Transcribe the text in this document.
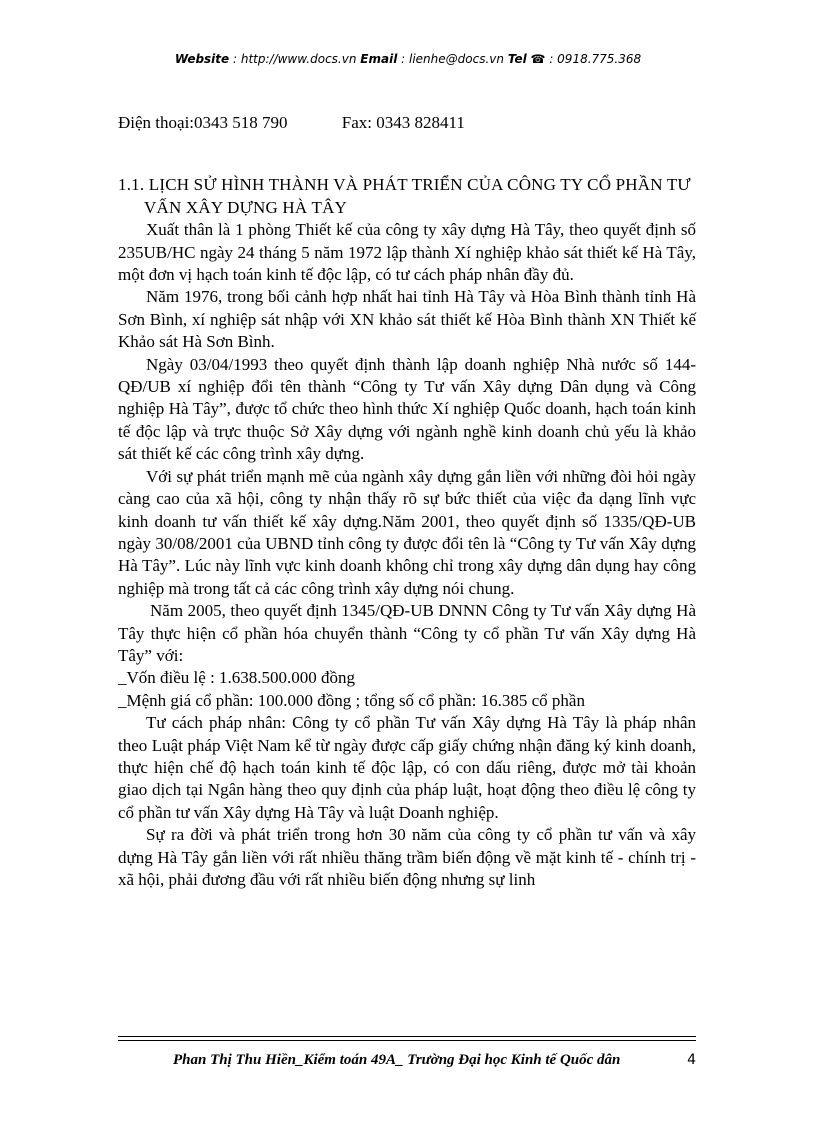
Website : http://www.docs.vn Email : lienhe@docs.vn Tel ☎ : 0918.775.368

Điện thoại:0343 518 790	Fax: 0343 828411

1.1. LỊCH SỬ HÌNH THÀNH VÀ PHÁT TRIỂN CỦA CÔNG TY CỔ PHẦN TƯ VẤN XÂY DỰNG HÀ TÂY

Xuất thân là 1 phòng Thiết kế của công ty xây dựng Hà Tây, theo quyết định số 235UB/HC ngày 24 tháng 5 năm 1972 lập thành Xí nghiệp khảo sát thiết kế Hà Tây, một đơn vị hạch toán kinh tế độc lập, có tư cách pháp nhân đầy đủ.

Năm 1976, trong bối cảnh hợp nhất hai tỉnh Hà Tây và Hòa Bình thành tỉnh Hà Sơn Bình, xí nghiệp sát nhập với XN khảo sát thiết kế Hòa Bình thành XN Thiết kế Khảo sát Hà Sơn Bình.

Ngày 03/04/1993 theo quyết định thành lập doanh nghiệp Nhà nước số 144- QĐ/UB xí nghiệp đổi tên thành “Công ty Tư vấn Xây dựng Dân dụng và Công nghiệp Hà Tây”, được tổ chức theo hình thức Xí nghiệp Quốc doanh, hạch toán kinh tế độc lập và trực thuộc Sở Xây dựng với ngành nghề kinh doanh chủ yếu là khảo sát thiết kế các công trình xây dựng.

Với sự phát triển mạnh mẽ của ngành xây dựng gắn liền với những đòi hỏi ngày càng cao của xã hội, công ty nhận thấy rõ sự bức thiết của việc đa dạng lĩnh vực kinh doanh tư vấn thiết kế xây dựng.Năm 2001, theo quyết định số 1335/QĐ-UB ngày 30/08/2001 của UBND tỉnh công ty được đổi tên là “Công ty Tư vấn Xây dựng Hà Tây”. Lúc này lĩnh vực kinh doanh không chỉ trong xây dựng dân dụng hay công nghiệp mà trong tất cả các công trình xây dựng nói chung.

Năm 2005, theo quyết định 1345/QĐ-UB DNNN Công ty Tư vấn Xây dựng Hà Tây thực hiện cổ phần hóa chuyển thành “Công ty cổ phần Tư vấn Xây dựng Hà Tây” với:

_Vốn điều lệ : 1.638.500.000 đồng

_Mệnh giá cổ phần: 100.000 đồng ; tổng số cổ phần: 16.385 cổ phần

Tư cách pháp nhân: Công ty cổ phần Tư vấn Xây dựng Hà Tây là pháp nhân theo Luật pháp Việt Nam kể từ ngày được cấp giấy chứng nhận đăng ký kinh doanh, thực hiện chế độ hạch toán kinh tế độc lập, có con dấu riêng, được mở tài khoản giao dịch tại Ngân hàng theo quy định của pháp luật, hoạt động theo điều lệ công ty cổ phần tư vấn Xây dựng Hà Tây và luật Doanh nghiệp.

Sự ra đời và phát triển trong hơn 30 năm của công ty cổ phần tư vấn và xây dựng Hà Tây gắn liền với rất nhiều thăng trầm biến động về mặt kinh tế - chính trị - xã hội, phải đương đầu với rất nhiều biến động nhưng sự linh

Phan Thị Thu Hiền_Kiểm toán 49A_ Trường Đại học Kinh tế Quốc dân	4
